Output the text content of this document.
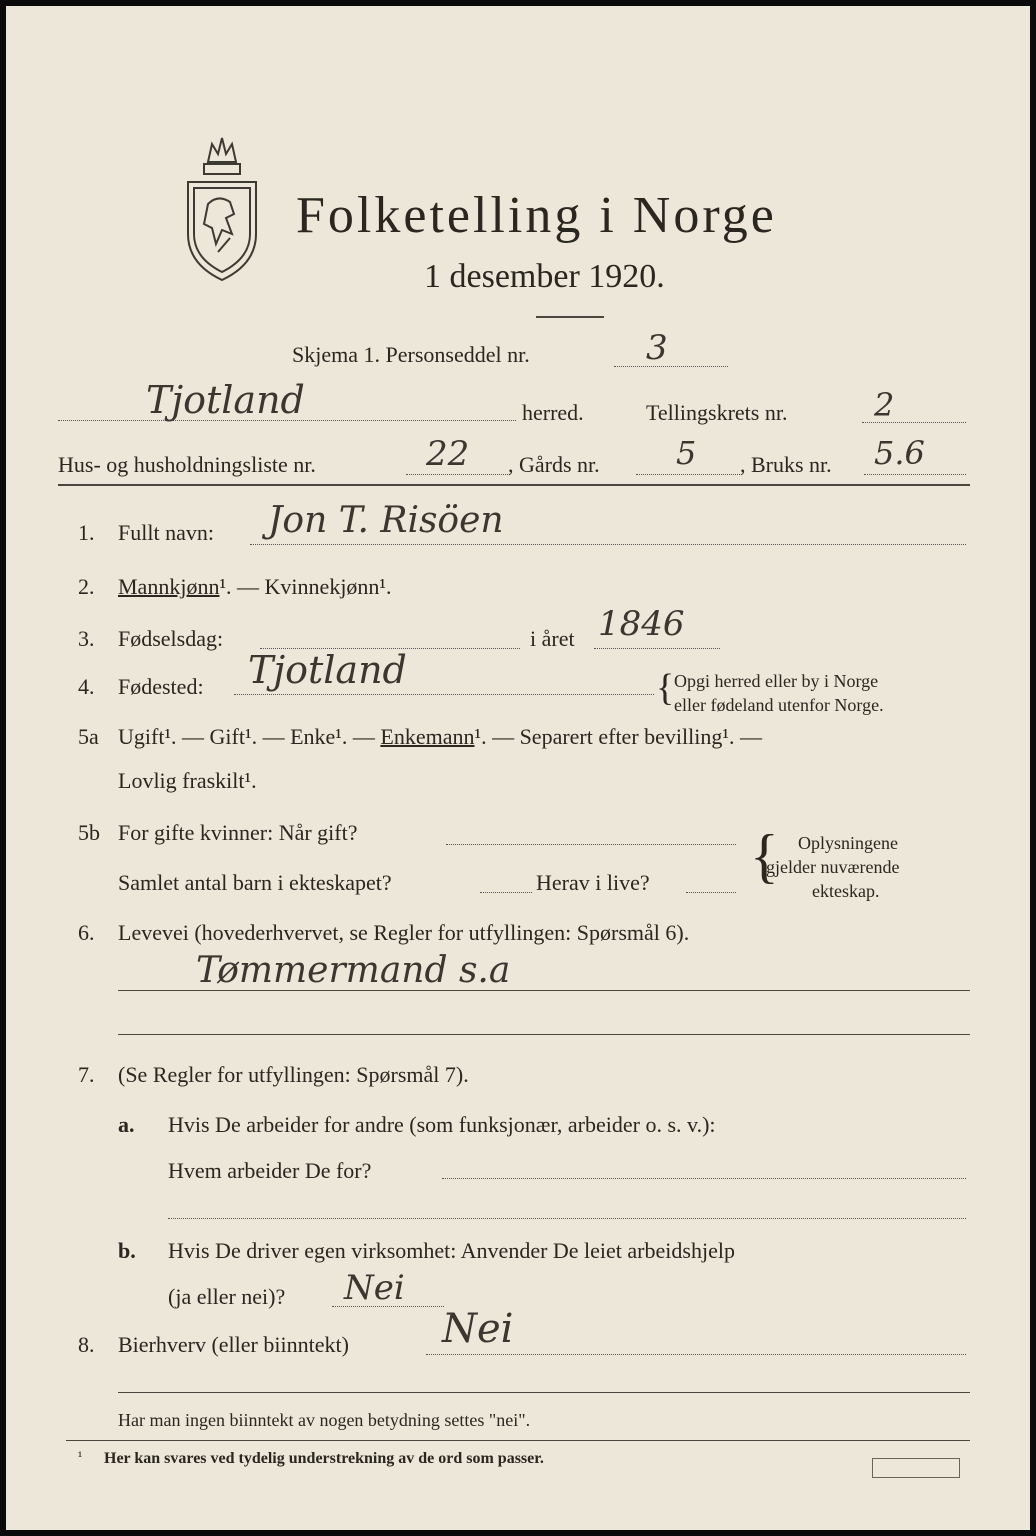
Folketelling i Norge
1 desember 1920.
Skjema 1. Personseddel nr.	3
Tjotland	herred.	Tellingskrets nr.	2
Hus- og husholdningsliste nr.	22 , Gårds nr. 5 , Bruks nr. 5.6
1. Fullt navn: Jon T. Risöen
2. Mannkjønn¹. — Kvinnekjønn¹.
3. Fødselsdag:	i året 1846
4. Fødested: Tjotland	{ Opgi herred eller by i Norge
eller fødeland utenfor Norge.
5a Ugift¹. — Gift¹. — Enke¹. — Enkemann¹. — Separert efter bevilling¹. —
Lovlig fraskilt¹.
5b For gifte kvinner: Når gift?
Samlet antal barn i ekteskapet?	Herav i live? { Oplysningene
gjelder nuværende
ekteskap.
6. Levevei (hovederhvervet, se Regler for utfyllingen: Spørsmål 6).
Tømmermand s.a
7. (Se Regler for utfyllingen: Spørsmål 7).
a. Hvis De arbeider for andre (som funksjonær, arbeider o. s. v.):
Hvem arbeider De for?
b. Hvis De driver egen virksomhet: Anvender De leiet arbeidshjelp
(ja eller nei)? Nei
8. Bierhverv (eller biinntekt) Nei
Har man ingen biinntekt av nogen betydning settes "nei".
¹ Her kan svares ved tydelig understrekning av de ord som passer.
